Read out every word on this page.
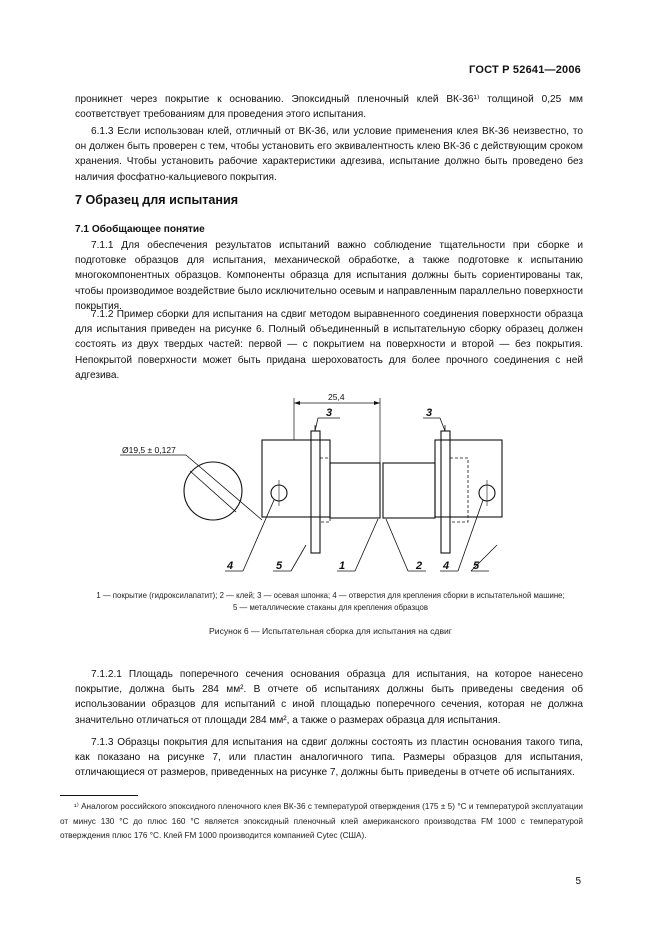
ГОСТ Р 52641—2006
проникнет через покрытие к основанию. Эпоксидный пленочный клей ВК-36¹⁾ толщиной 0,25 мм соответствует требованиям для проведения этого испытания.
6.1.3 Если использован клей, отличный от ВК-36, или условие применения клея ВК-36 неизвестно, то он должен быть проверен с тем, чтобы установить его эквивалентность клею ВК-36 с действующим сроком хранения. Чтобы установить рабочие характеристики адгезива, испытание должно быть проведено без наличия фосфатно-кальциевого покрытия.
7 Образец для испытания
7.1 Обобщающее понятие
7.1.1 Для обеспечения результатов испытаний важно соблюдение тщательности при сборке и подготовке образцов для испытания, механической обработке, а также подготовке к испытанию многокомпонентных образцов. Компоненты образца для испытания должны быть сориентированы так, чтобы производимое воздействие было исключительно осевым и направленным параллельно поверхности покрытия.
7.1.2 Пример сборки для испытания на сдвиг методом выравненного соединения поверхности образца для испытания приведен на рисунке 6. Полный объединенный в испытательную сборку образец должен состоять из двух твердых частей: первой — с покрытием на поверхности и второй — без покрытия. Непокрытой поверхности может быть придана шероховатость для более прочного соединения с ней адгезива.
25,4
Ø19,5 ± 0,127
3	3
4	5	1	2 4 5
1 — покрытие (гидроксилапатит); 2 — клей; 3 — осевая шпонка; 4 — отверстия для крепления сборки в испытательной машине;
5 — металлические стаканы для крепления образцов
Рисунок 6 — Испытательная сборка для испытания на сдвиг
7.1.2.1 Площадь поперечного сечения основания образца для испытания, на которое нанесено покрытие, должна быть 284 мм². В отчете об испытаниях должны быть приведены сведения об использовании образцов для испытаний с иной площадью поперечного сечения, которая не должна значительно отличаться от площади 284 мм², а также о размерах образца для испытания.
7.1.3 Образцы покрытия для испытания на сдвиг должны состоять из пластин основания такого типа, как показано на рисунке 7, или пластин аналогичного типа. Размеры образцов для испытания, отличающиеся от размеров, приведенных на рисунке 7, должны быть приведены в отчете об испытаниях.
¹⁾ Аналогом российского эпоксидного пленочного клея ВК-36 с температурой отверждения (175 ± 5) °С и температурой эксплуатации от минус 130 °С до плюс 160 °С является эпоксидный пленочный клей американского производства FM 1000 с температурой отверждения плюс 176 °С. Клей FM 1000 производится компанией Cytec (США).
5
